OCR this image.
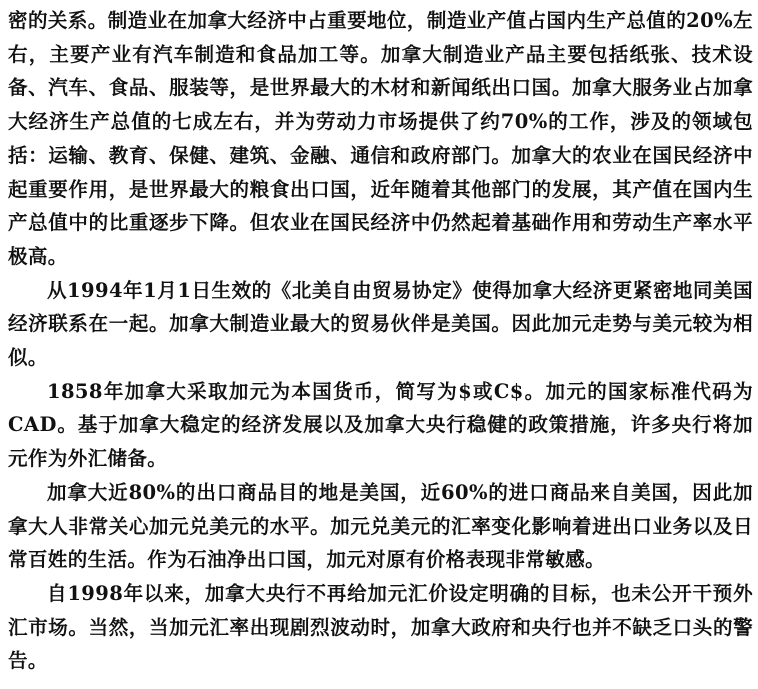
密的关系。制造业在加拿大经济中占重要地位，制造业产值占国内生产总值的20%左右，主要产业有汽车制造和食品加工等。加拿大制造业产品主要包括纸张、技术设备、汽车、食品、服装等，是世界最大的木材和新闻纸出口国。加拿大服务业占加拿大经济生产总值的七成左右，并为劳动力市场提供了约70%的工作，涉及的领域包括：运输、教育、保健、建筑、金融、通信和政府部门。加拿大的农业在国民经济中起重要作用，是世界最大的粮食出口国，近年随着其他部门的发展，其产值在国内生产总值中的比重逐步下降。但农业在国民经济中仍然起着基础作用和劳动生产率水平极高。

从1994年1月1日生效的《北美自由贸易协定》使得加拿大经济更紧密地同美国经济联系在一起。加拿大制造业最大的贸易伙伴是美国。因此加元走势与美元较为相似。

1858年加拿大采取加元为本国货币，简写为$或C$。加元的国家标准代码为CAD。基于加拿大稳定的经济发展以及加拿大央行稳健的政策措施，许多央行将加元作为外汇储备。

加拿大近80%的出口商品目的地是美国，近60%的进口商品来自美国，因此加拿大人非常关心加元兑美元的水平。加元兑美元的汇率变化影响着进出口业务以及日常百姓的生活。作为石油净出口国，加元对原有价格表现非常敏感。

自1998年以来，加拿大央行不再给加元汇价设定明确的目标，也未公开干预外汇市场。当然，当加元汇率出现剧烈波动时，加拿大政府和央行也并不缺乏口头的警告。
